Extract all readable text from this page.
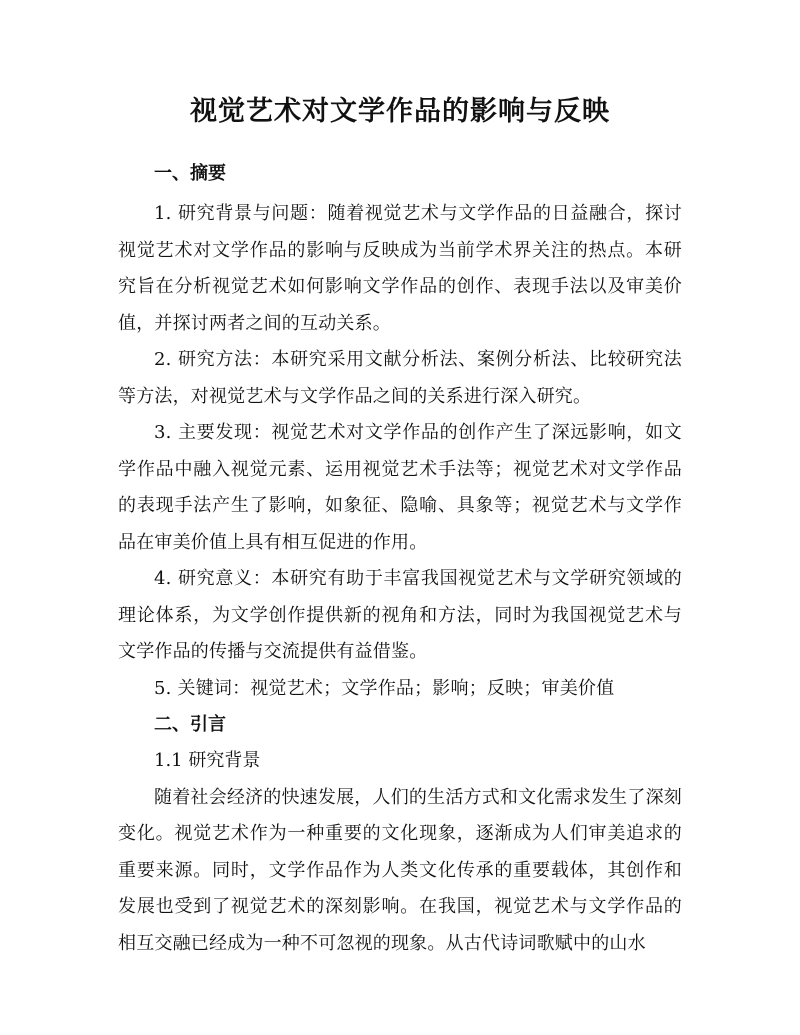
视觉艺术对文学作品的影响与反映
一、摘要

1. 研究背景与问题：随着视觉艺术与文学作品的日益融合，探讨视觉艺术对文学作品的影响与反映成为当前学术界关注的热点。本研究旨在分析视觉艺术如何影响文学作品的创作、表现手法以及审美价值，并探讨两者之间的互动关系。

2. 研究方法：本研究采用文献分析法、案例分析法、比较研究法等方法，对视觉艺术与文学作品之间的关系进行深入研究。

3. 主要发现：视觉艺术对文学作品的创作产生了深远影响，如文学作品中融入视觉元素、运用视觉艺术手法等；视觉艺术对文学作品的表现手法产生了影响，如象征、隐喻、具象等；视觉艺术与文学作品在审美价值上具有相互促进的作用。

4. 研究意义：本研究有助于丰富我国视觉艺术与文学研究领域的理论体系，为文学创作提供新的视角和方法，同时为我国视觉艺术与文学作品的传播与交流提供有益借鉴。

5. 关键词：视觉艺术；文学作品；影响；反映；审美价值

二、引言

1.1 研究背景

随着社会经济的快速发展，人们的生活方式和文化需求发生了深刻变化。视觉艺术作为一种重要的文化现象，逐渐成为人们审美追求的重要来源。同时，文学作品作为人类文化传承的重要载体，其创作和发展也受到了视觉艺术的深刻影响。在我国，视觉艺术与文学作品的相互交融已经成为一种不可忽视的现象。从古代诗词歌赋中的山水
